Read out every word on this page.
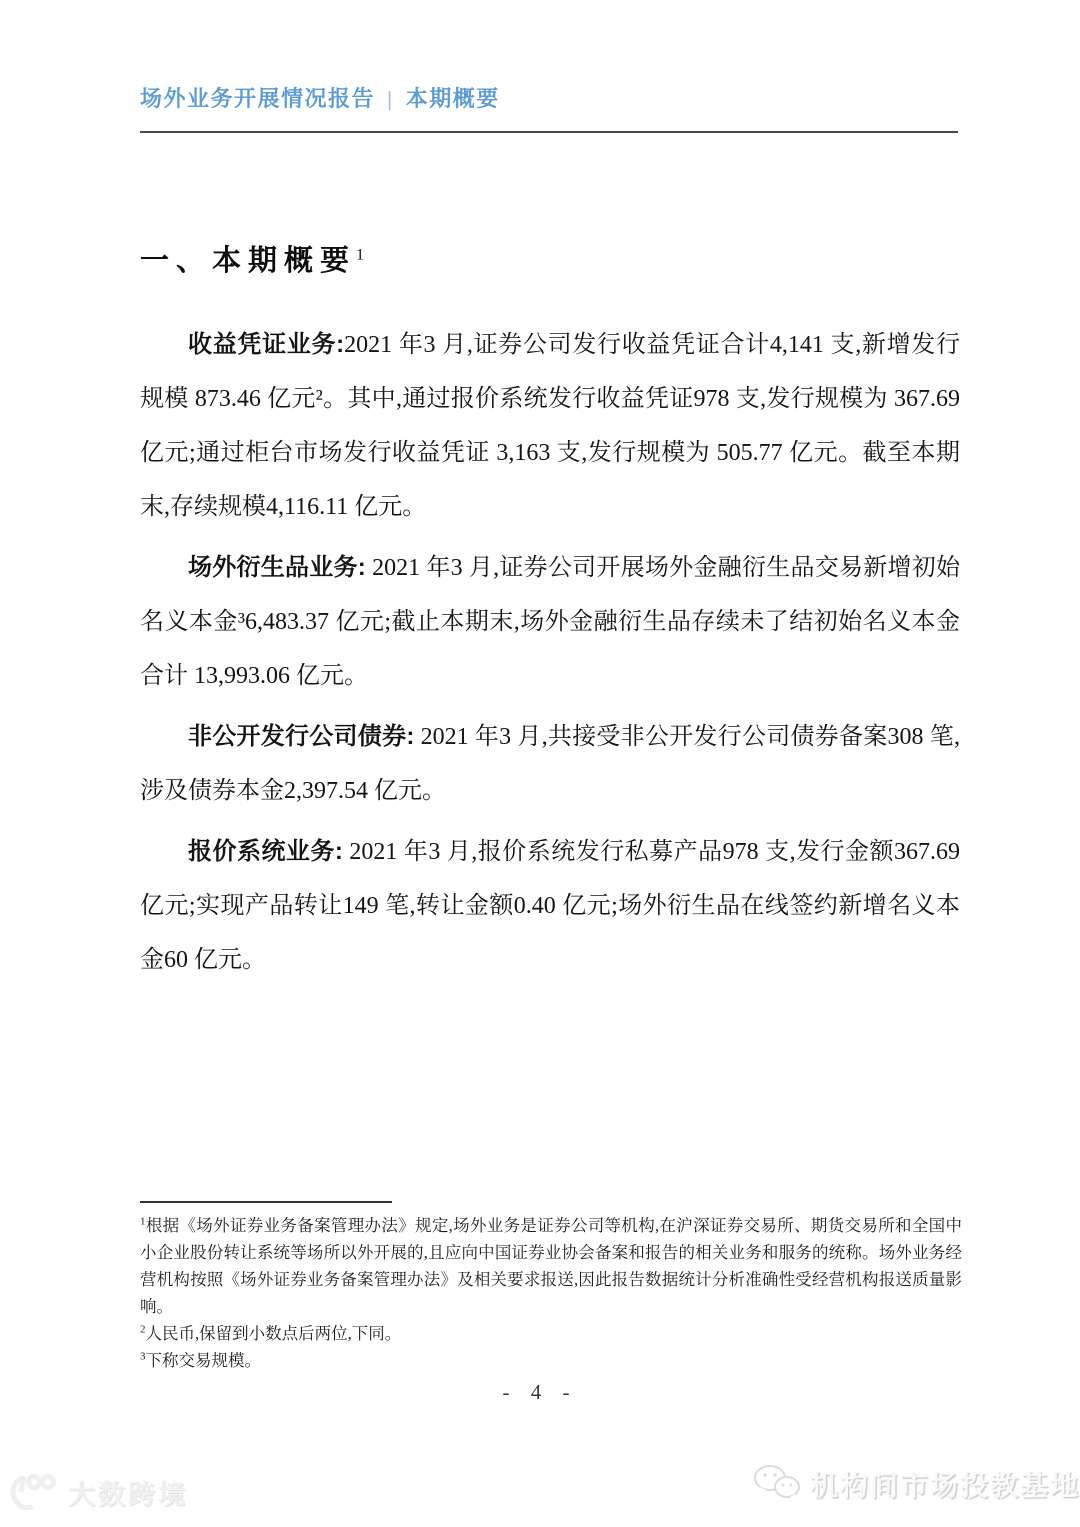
场外业务开展情况报告 | 本期概要
一、本期概要$^1$

收益凭证业务:2021 年3 月,证券公司发行收益凭证合计4,141 支,新增发行规模 873.46 亿元²。其中,通过报价系统发行收益凭证978 支,发行规模为 367.69 亿元;通过柜台市场发行收益凭证 3,163 支,发行规模为 505.77 亿元。截至本期末,存续规模4,116.11 亿元。

场外衍生品业务: 2021 年3 月,证券公司开展场外金融衍生品交易新增初始名义本金³6,483.37 亿元;截止本期末,场外金融衍生品存续未了结初始名义本金合计 13,993.06 亿元。

非公开发行公司债券: 2021 年3 月,共接受非公开发行公司债券备案308 笔,涉及债券本金2,397.54 亿元。

报价系统业务: 2021 年3 月,报价系统发行私募产品978 支,发行金额367.69 亿元;实现产品转让149 笔,转让金额0.40 亿元;场外衍生品在线签约新增名义本金60 亿元。

$^1$根据《场外证券业务备案管理办法》规定,场外业务是证券公司等机构,在沪深证券交易所、期货交易所和全国中小企业股份转让系统等场所以外开展的,且应向中国证券业协会备案和报告的相关业务和服务的统称。场外业务经营机构按照《场外证券业务备案管理办法》及相关要求报送,因此报告数据统计分析准确性受经营机构报送质量影响。

$^2$人民币,保留到小数点后两位,下同。

$^3$下称交易规模。

- 4 -
大数跨境	机构间市场投教基地
